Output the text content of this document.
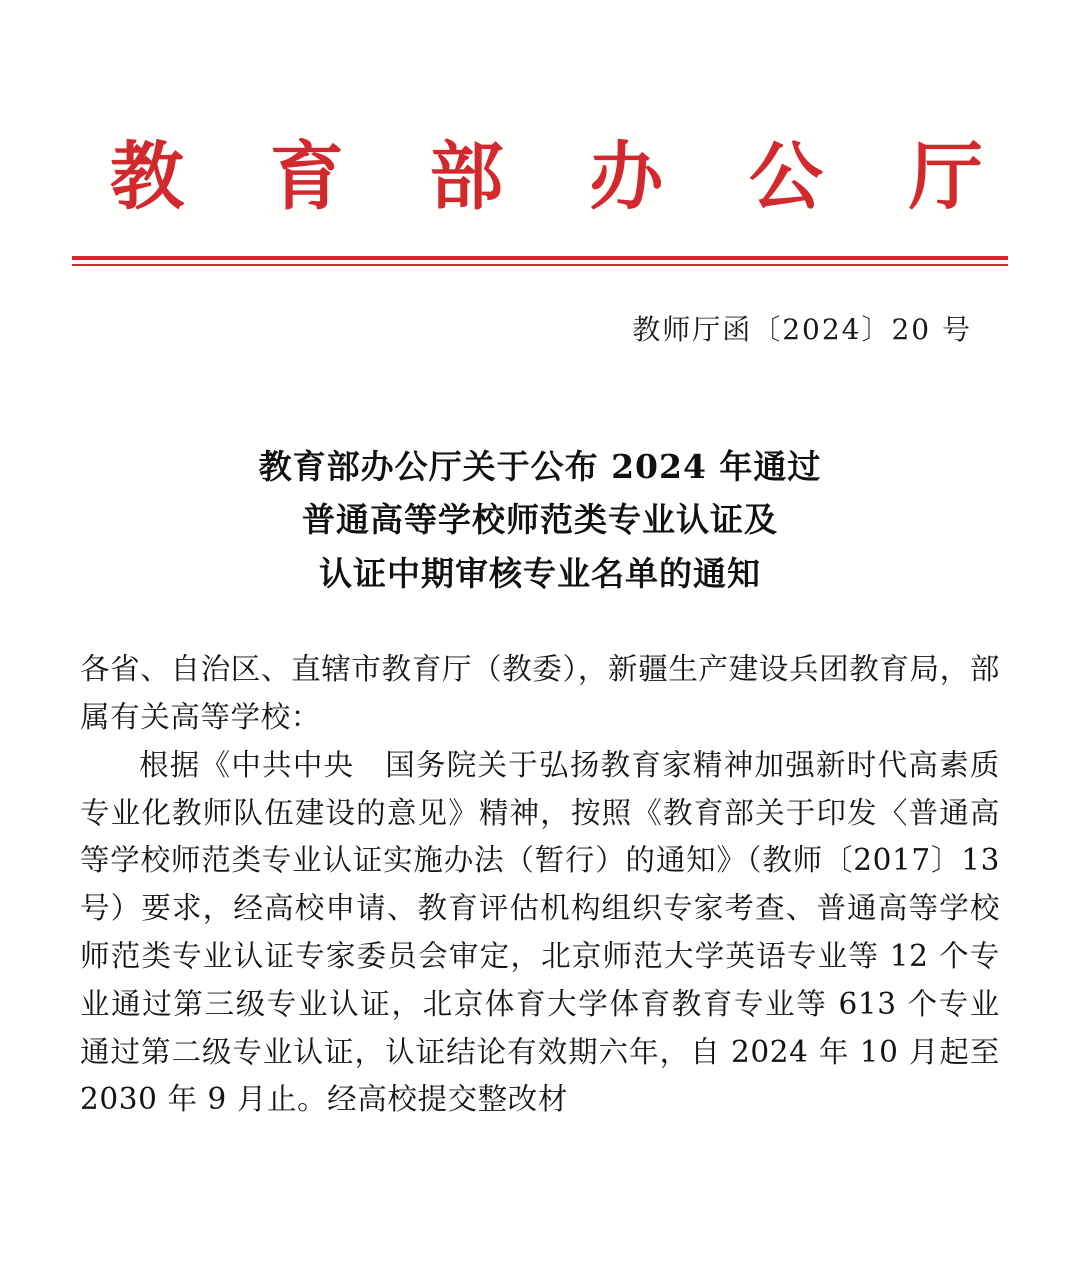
教 育 部 办 公 厅
教师厅函〔2024〕20 号
教育部办公厅关于公布 2024 年通过
普通高等学校师范类专业认证及
认证中期审核专业名单的通知

各省、自治区、直辖市教育厅（教委），新疆生产建设兵团教育局，部属有关高等学校：

根据《中共中央　国务院关于弘扬教育家精神加强新时代高素质专业化教师队伍建设的意见》精神，按照《教育部关于印发〈普通高等学校师范类专业认证实施办法（暂行）的通知》（教师〔2017〕13 号）要求，经高校申请、教育评估机构组织专家考查、普通高等学校师范类专业认证专家委员会审定，北京师范大学英语专业等 12 个专业通过第三级专业认证，北京体育大学体育教育专业等 613 个专业通过第二级专业认证，认证结论有效期六年，自 2024 年 10 月起至 2030 年 9 月止。经高校提交整改材
